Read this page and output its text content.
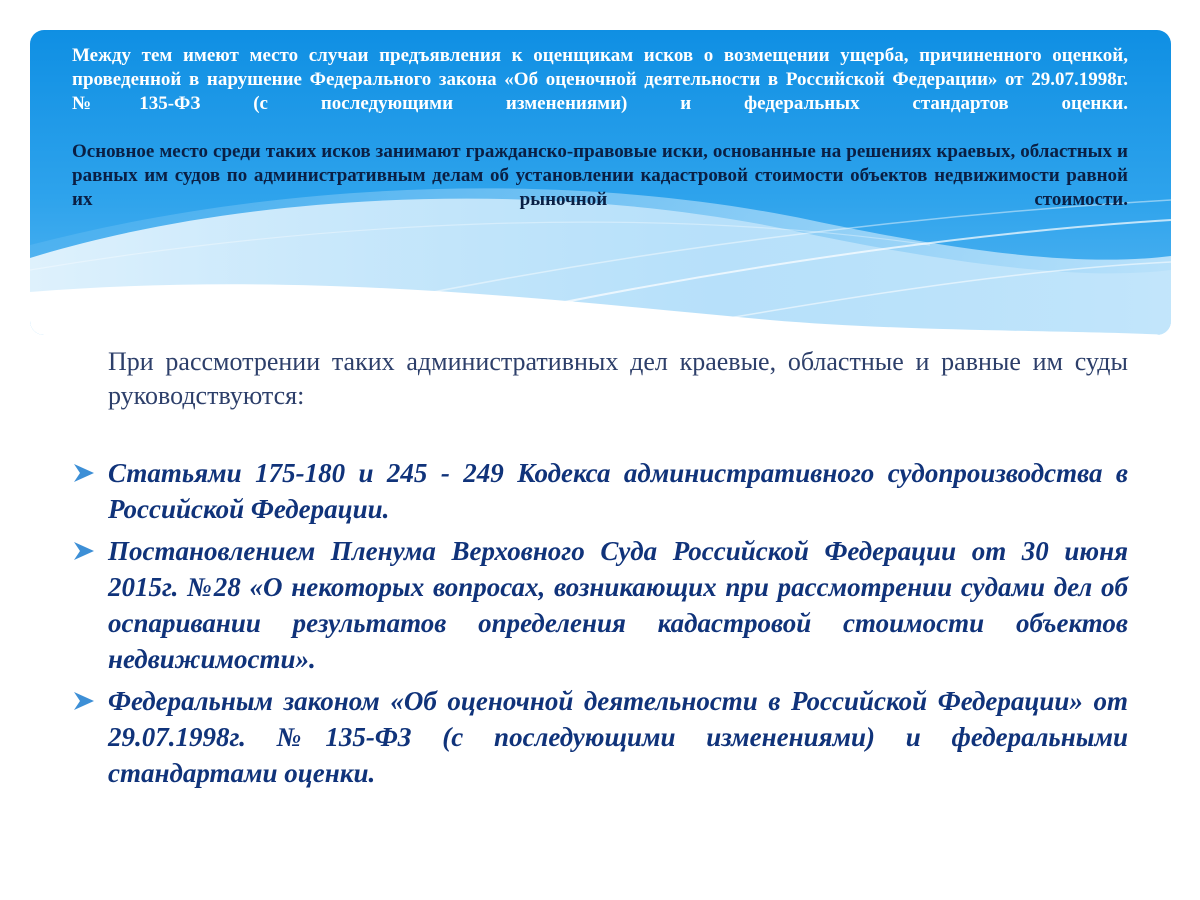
Между тем имеют место случаи предъявления к оценщикам исков о возмещении ущерба, причиненного оценкой, проведенной в нарушение Федерального закона «Об оценочной деятельности в Российской Федерации» от 29.07.1998г. №135-ФЗ (с последующими изменениями) и федеральных стандартов оценки.

Основное место среди таких исков занимают гражданско-правовые иски, основанные на решениях краевых, областных и равных им судов по административным делам об установлении кадастровой стоимости объектов недвижимости равной их рыночной стоимости.

При рассмотрении таких административных дел краевые, областные и равные им суды руководствуются:

Статьями 175-180 и 245 - 249 Кодекса административного судопроизводства в Российской Федерации.
Постановлением Пленума Верховного Суда Российской Федерации от 30 июня 2015г. №28 «О некоторых вопросах, возникающих при рассмотрении судами дел об оспаривании результатов определения кадастровой стоимости объектов недвижимости».
Федеральным законом «Об оценочной деятельности в Российской Федерации» от 29.07.1998г. №135-ФЗ (с последующими изменениями) и федеральными стандартами оценки.
